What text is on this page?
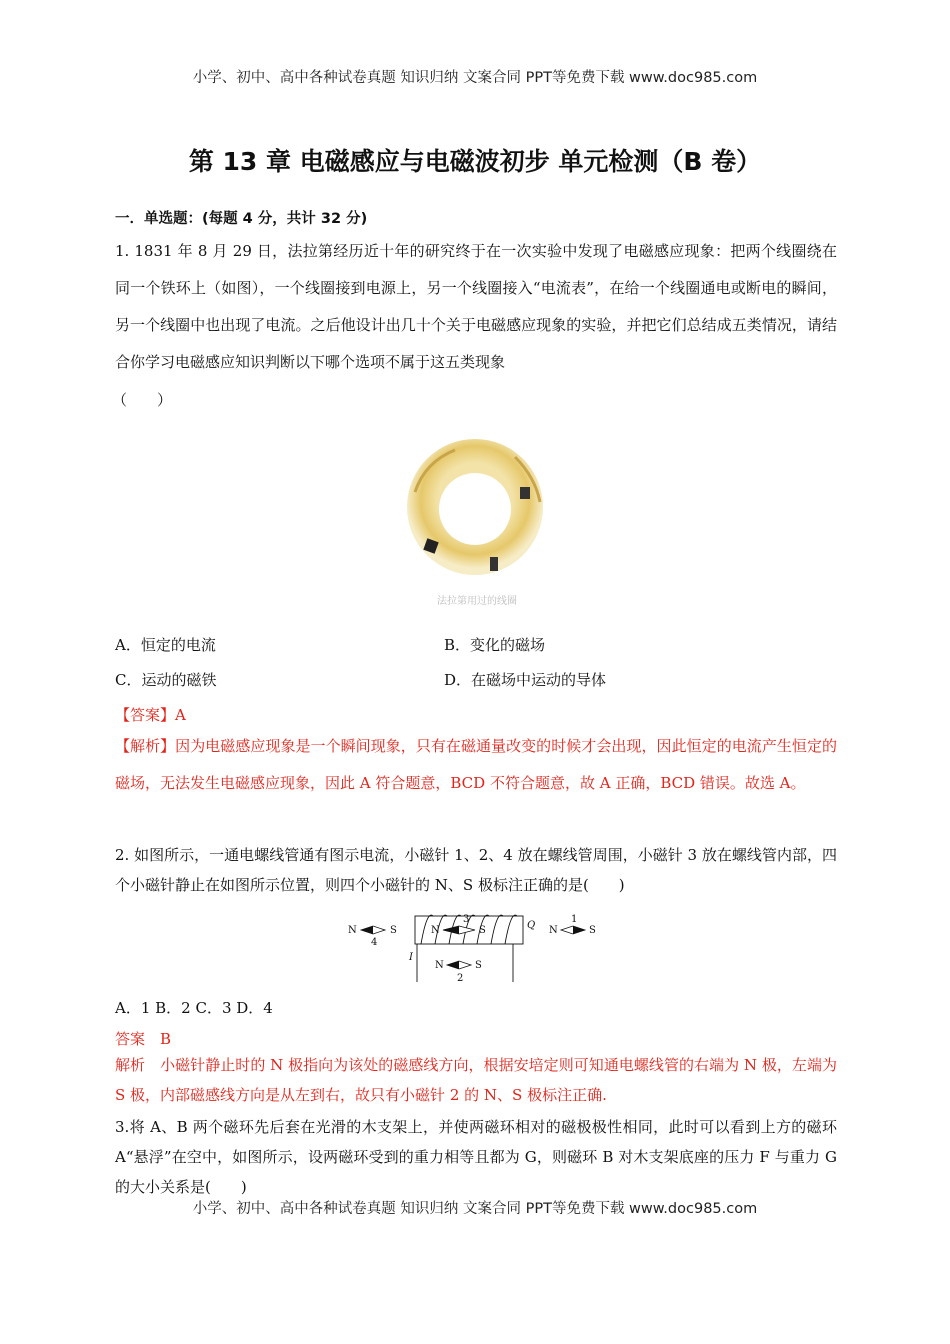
小学、初中、高中各种试卷真题 知识归纳 文案合同 PPT等免费下载 www.doc985.com
第 13 章 电磁感应与电磁波初步 单元检测（B 卷）
一．单选题：(每题 4 分，共计 32 分)
1. 1831 年 8 月 29 日，法拉第经历近十年的研究终于在一次实验中发现了电磁感应现象：把两个线圈绕在同一个铁环上（如图），一个线圈接到电源上，另一个线圈接入“电流表”，在给一个线圈通电或断电的瞬间，另一个线圈中也出现了电流。之后他设计出几十个关于电磁感应现象的实验，并把它们总结成五类情况，请结合你学习电磁感应知识判断以下哪个选项不属于这五类现象
（　　）
法拉第用过的线圈
A．恒定的电流	B．变化的磁场
C．运动的磁铁	D．在磁场中运动的导体
【答案】A
【解析】因为电磁感应现象是一个瞬间现象，只有在磁通量改变的时候才会出现，因此恒定的电流产生恒定的磁场，无法发生电磁感应现象，因此 A 符合题意，BCD 不符合题意，故 A 正确，BCD 错误。故选 A。
2. 如图所示，一通电螺线管通有图示电流，小磁针 1、2、4 放在螺线管周围，小磁针 3 放在螺线管内部，四个小磁针静止在如图所示位置，则四个小磁针的 N、S 极标注正确的是(　　)
N	S
4
N	S
3
Q
I
N	S
2
N	S
1
A．1 B．2 C．3 D．4
答案　B
解析　小磁针静止时的 N 极指向为该处的磁感线方向，根据安培定则可知通电螺线管的右端为 N 极，左端为 S 极，内部磁感线方向是从左到右，故只有小磁针 2 的 N、S 极标注正确.
3.将 A、B 两个磁环先后套在光滑的木支架上，并使两磁环相对的磁极极性相同，此时可以看到上方的磁环 A“悬浮”在空中，如图所示，设两磁环受到的重力相等且都为 G，则磁环 B 对木支架底座的压力 F 与重力 G 的大小关系是(　　)
小学、初中、高中各种试卷真题 知识归纳 文案合同 PPT等免费下载 www.doc985.com
